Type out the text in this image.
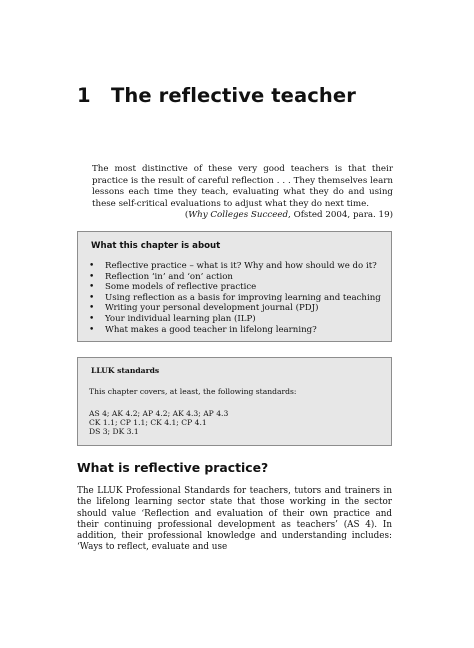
1 The reflective teacher

The most distinctive of these very good teachers is that their practice is the result of careful reflection . . . They themselves learn lessons each time they teach, evaluating what they do and using these self-critical evaluations to adjust what they do next time.

(Why Colleges Succeed, Ofsted 2004, para. 19)

What this chapter is about
• Reflective practice – what is it? Why and how should we do it?
• Reflection ‘in’ and ‘on’ action
• Some models of reflective practice
• Using reflection as a basis for improving learning and teaching
• Writing your personal development journal (PDJ)
• Your individual learning plan (ILP)
• What makes a good teacher in lifelong learning?
LLUK standards
This chapter covers, at least, the following standards:
AS 4; AK 4.2; AP 4.2; AK 4.3; AP 4.3
CK 1.1; CP 1.1; CK 4.1; CP 4.1
DS 3; DK 3.1
What is reflective practice?

The LLUK Professional Standards for teachers, tutors and trainers in the lifelong learning sector state that those working in the sector should value ‘Reflection and evaluation of their own practice and their continuing professional development as teachers’ (AS 4). In addition, their professional knowledge and understanding includes: ‘Ways to reflect, evaluate and use
